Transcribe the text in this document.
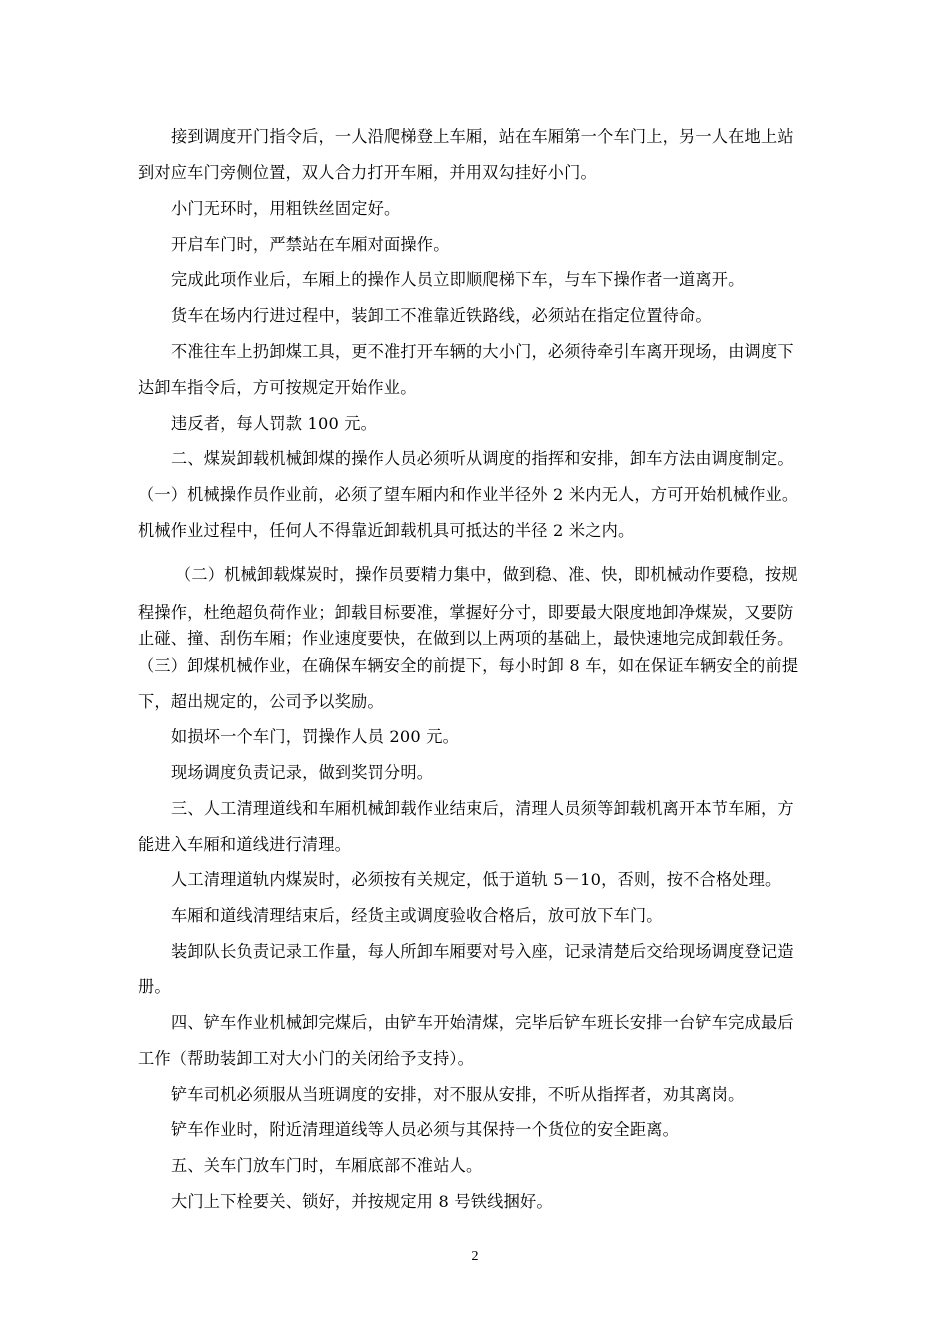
接到调度开门指令后，一人沿爬梯登上车厢，站在车厢第一个车门上，另一人在地上站
到对应车门旁侧位置，双人合力打开车厢，并用双勾挂好小门。
小门无环时，用粗铁丝固定好。
开启车门时，严禁站在车厢对面操作。
完成此项作业后，车厢上的操作人员立即顺爬梯下车，与车下操作者一道离开。
货车在场内行进过程中，装卸工不准靠近铁路线，必须站在指定位置待命。
不准往车上扔卸煤工具，更不准打开车辆的大小门，必须待牵引车离开现场，由调度下
达卸车指令后，方可按规定开始作业。
违反者，每人罚款 100 元。
二、煤炭卸载机械卸煤的操作人员必须听从调度的指挥和安排，卸车方法由调度制定。
（一）机械操作员作业前，必须了望车厢内和作业半径外 2 米内无人，方可开始机械作业。
机械作业过程中，任何人不得靠近卸载机具可抵达的半径 2 米之内。
（二）机械卸载煤炭时，操作员要精力集中，做到稳、准、快，即机械动作要稳，按规
程操作，杜绝超负荷作业；卸载目标要准，掌握好分寸，即要最大限度地卸净煤炭，又要防
止碰、撞、刮伤车厢；作业速度要快，在做到以上两项的基础上，最快速地完成卸载任务。
（三）卸煤机械作业，在确保车辆安全的前提下，每小时卸 8 车，如在保证车辆安全的前提
下，超出规定的，公司予以奖励。
如损坏一个车门，罚操作人员 200 元。
现场调度负责记录，做到奖罚分明。
三、人工清理道线和车厢机械卸载作业结束后，清理人员须等卸载机离开本节车厢，方
能进入车厢和道线进行清理。
人工清理道轨内煤炭时，必须按有关规定，低于道轨 5－10，否则，按不合格处理。
车厢和道线清理结束后，经货主或调度验收合格后，放可放下车门。
装卸队长负责记录工作量，每人所卸车厢要对号入座，记录清楚后交给现场调度登记造
册。
四、铲车作业机械卸完煤后，由铲车开始清煤，完毕后铲车班长安排一台铲车完成最后
工作（帮助装卸工对大小门的关闭给予支持）。
铲车司机必须服从当班调度的安排，对不服从安排，不听从指挥者，劝其离岗。
铲车作业时，附近清理道线等人员必须与其保持一个货位的安全距离。
五、关车门放车门时，车厢底部不准站人。
大门上下栓要关、锁好，并按规定用 8 号铁线捆好。
2
